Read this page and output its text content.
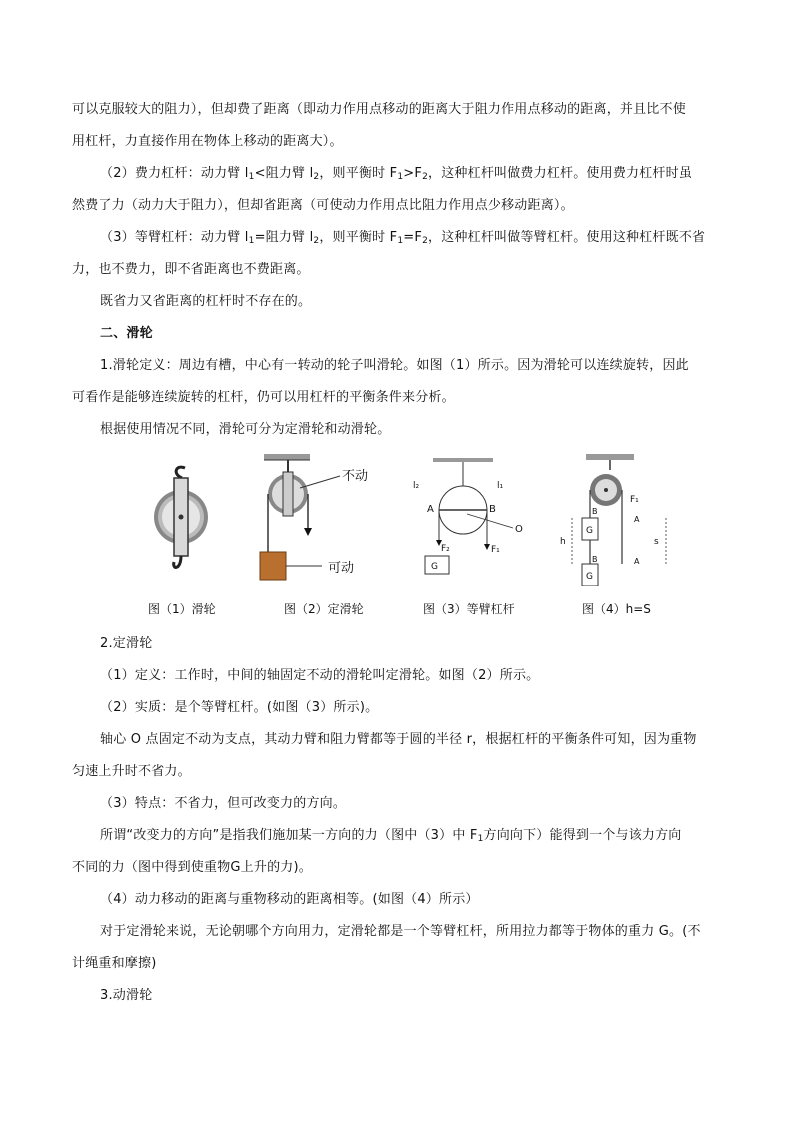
可以克服较大的阻力），但却费了距离（即动力作用点移动的距离大于阻力作用点移动的距离，并且比不使
用杠杆，力直接作用在物体上移动的距离大）。
（2）费力杠杆：动力臂 $l_1<$阻力臂 $l_2$，则平衡时 $F_1>F_2$，这种杠杆叫做费力杠杆。使用费力杠杆时虽
然费了力（动力大于阻力），但却省距离（可使动力作用点比阻力作用点少移动距离）。
（3）等臂杠杆：动力臂 $l_1=$阻力臂 $l_2$，则平衡时 $F_1=F_2$，这种杠杆叫做等臂杠杆。使用这种杠杆既不省
力，也不费力，即不省距离也不费距离。
既省力又省距离的杠杆时不存在的。
二、滑轮
1.滑轮定义：周边有槽，中心有一转动的轮子叫滑轮。如图（1）所示。因为滑轮可以连续旋转，因此
可看作是能够连续旋转的杠杆，仍可以用杠杆的平衡条件来分析。
根据使用情况不同，滑轮可分为定滑轮和动滑轮。
不动
可动
l₂	l₁
A	B
O
F₂	F₁
G
F₁
G
B
G
B
A
A
h	s
图（1）滑轮	图（2）定滑轮	图（3）等臂杠杆	图（4）h=S
2.定滑轮
（1）定义：工作时，中间的轴固定不动的滑轮叫定滑轮。如图（2）所示。
（2）实质：是个等臂杠杆。(如图（3）所示)。
轴心 O 点固定不动为支点，其动力臂和阻力臂都等于圆的半径 r，根据杠杆的平衡条件可知，因为重物
匀速上升时不省力。
（3）特点：不省力，但可改变力的方向。
所谓“改变力的方向”是指我们施加某一方向的力（图中（3）中 $F_1$方向向下）能得到一个与该力方向
不同的力（图中得到使重物G上升的力)。
（4）动力移动的距离与重物移动的距离相等。(如图（4）所示）
对于定滑轮来说，无论朝哪个方向用力，定滑轮都是一个等臂杠杆，所用拉力都等于物体的重力 G。(不
计绳重和摩擦)
3.动滑轮
